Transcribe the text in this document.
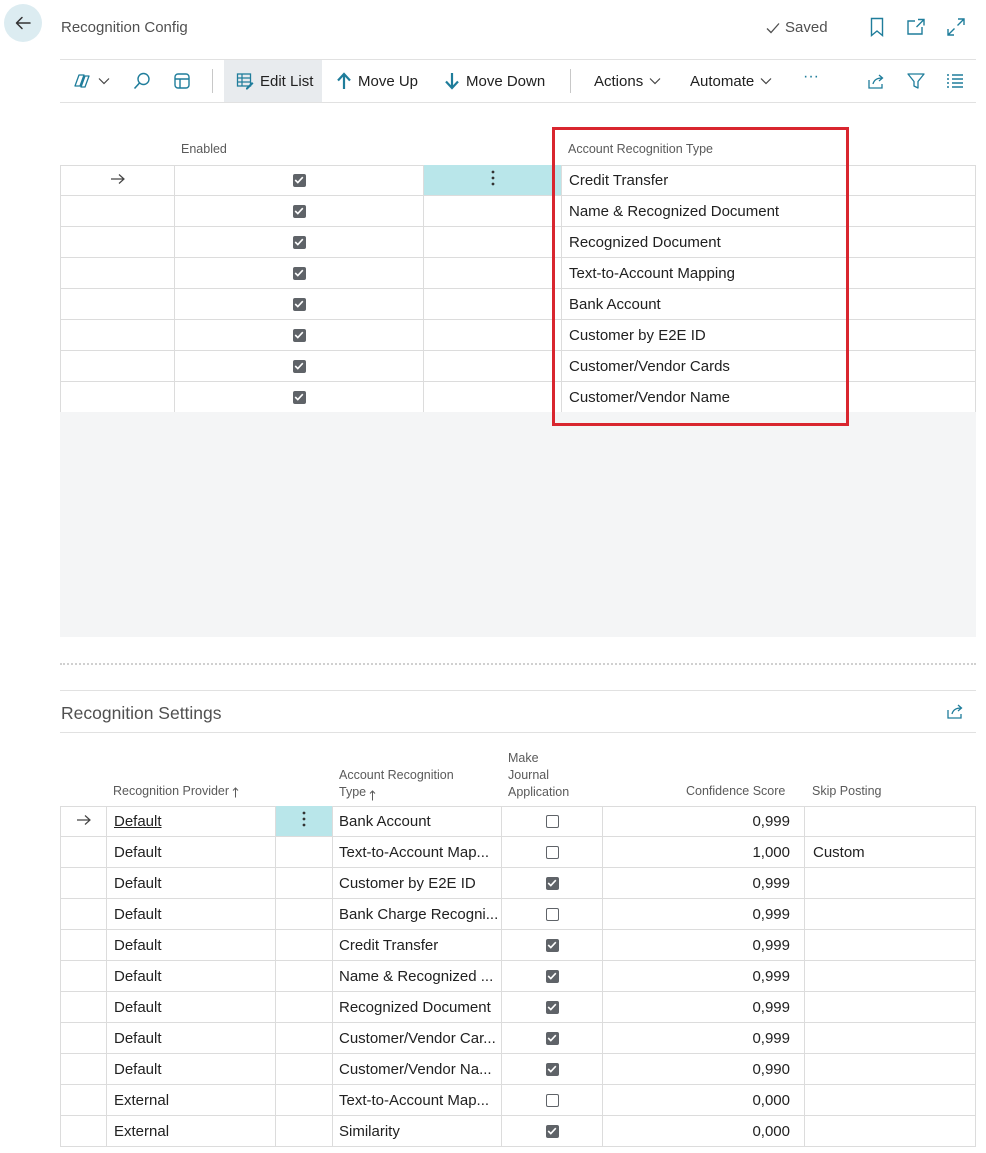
Recognition Config	Saved
Edit List	Move Up	Move Down	Actions	Automate	···
Enabled	Account Recognition Type
Credit Transfer
Name & Recognized Document
Recognized Document
Text-to-Account Mapping
Bank Account
Customer by E2E ID
Customer/Vendor Cards
Customer/Vendor Name
Recognition Settings
Recognition Provider
Account Recognition
Type
Make
Journal
Application	Confidence Score Skip Posting
Default	Bank Account	0,999
Default	Text-to-Account Map...	1,000 Custom
Default	Customer by E2E ID	0,999
Default	Bank Charge Recogni...	0,999
Default	Credit Transfer	0,999
Default	Name & Recognized ...	0,999
Default	Recognized Document	0,999
Default	Customer/Vendor Car...	0,999
Default	Customer/Vendor Na...	0,990
External	Text-to-Account Map...	0,000
External	Similarity	0,000
